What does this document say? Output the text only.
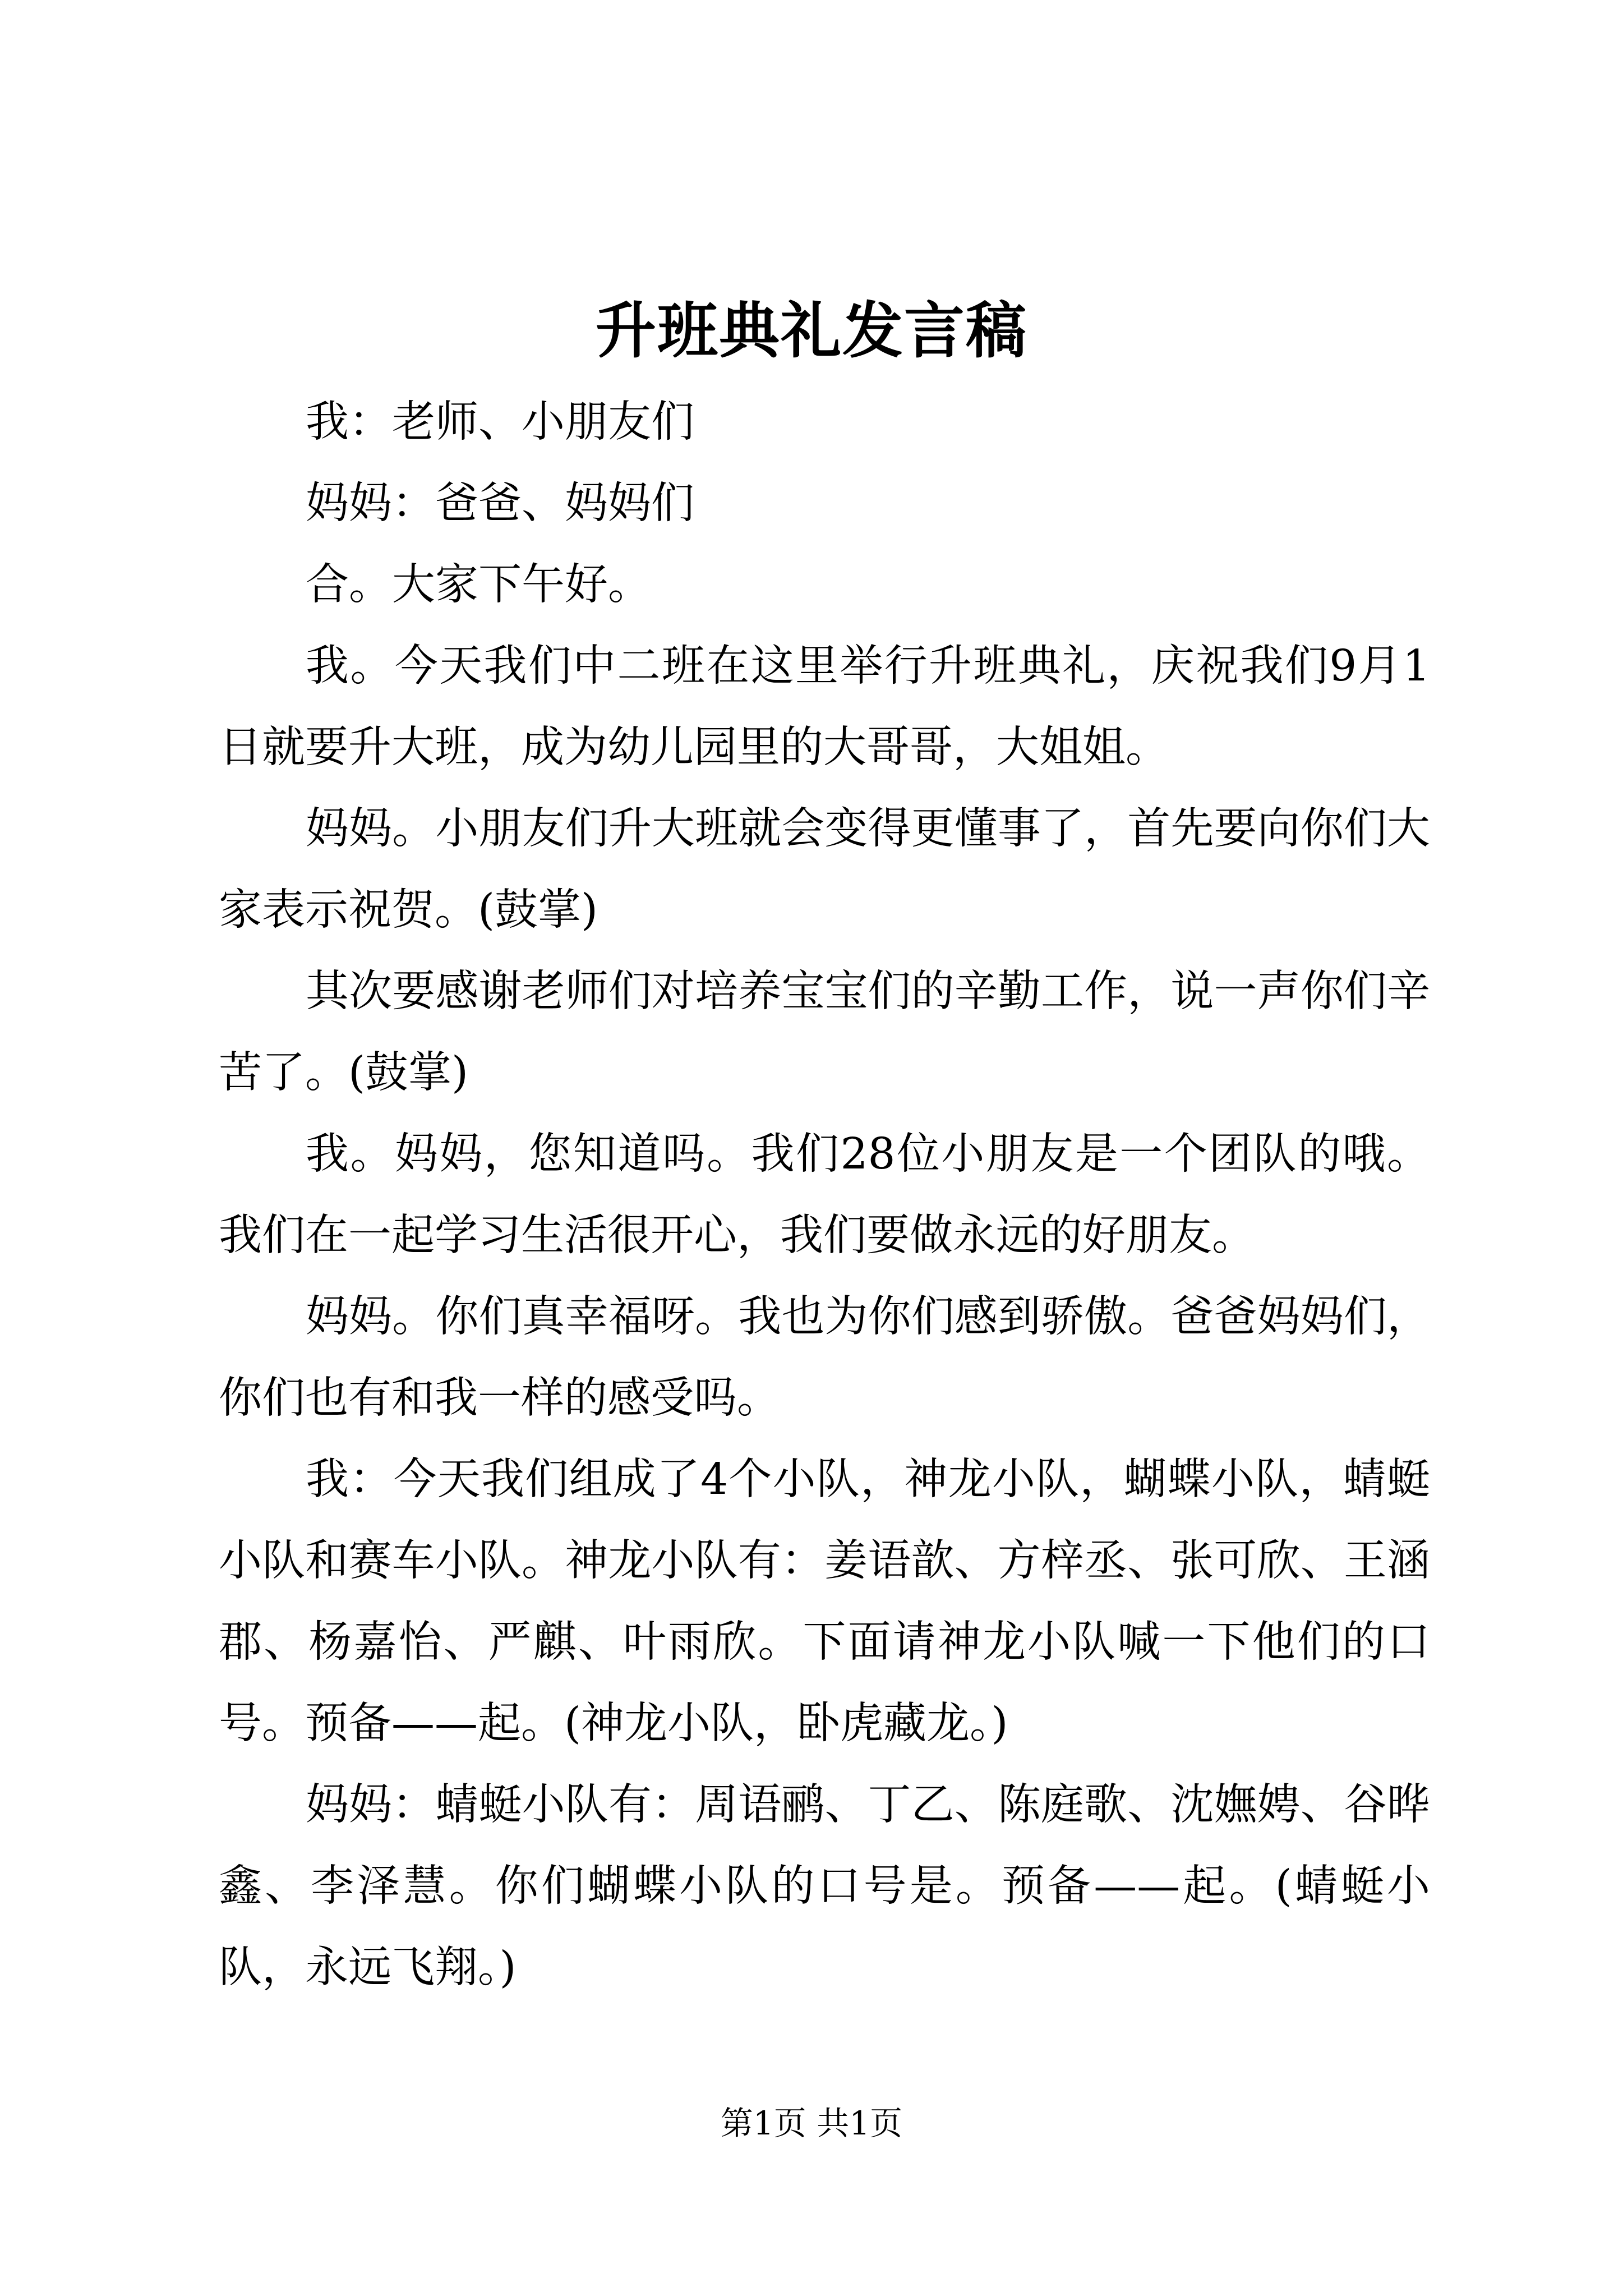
升班典礼发言稿

我：老师、小朋友们

妈妈：爸爸、妈妈们

合。大家下午好。

我。今天我们中二班在这里举行升班典礼，庆祝我们9月1日就要升大班，成为幼儿园里的大哥哥，大姐姐。

妈妈。小朋友们升大班就会变得更懂事了，首先要向你们大家表示祝贺。(鼓掌)

其次要感谢老师们对培养宝宝们的辛勤工作，说一声你们辛苦了。(鼓掌)

我。妈妈，您知道吗。我们28位小朋友是一个团队的哦。我们在一起学习生活很开心，我们要做永远的好朋友。

妈妈。你们真幸福呀。我也为你们感到骄傲。爸爸妈妈们，你们也有和我一样的感受吗。

我：今天我们组成了4个小队，神龙小队，蝴蝶小队，蜻蜓小队和赛车小队。神龙小队有：姜语歆、方梓丞、张可欣、王涵郡、杨嘉怡、严麒、叶雨欣。下面请神龙小队喊一下他们的口号。预备——起。(神龙小队，卧虎藏龙。)

妈妈：蜻蜓小队有：周语鹂、丁乙、陈庭歌、沈嫵娉、谷晔鑫、李泽慧。你们蝴蝶小队的口号是。预备——起。(蜻蜓小队，永远飞翔。)

第1页 共1页
